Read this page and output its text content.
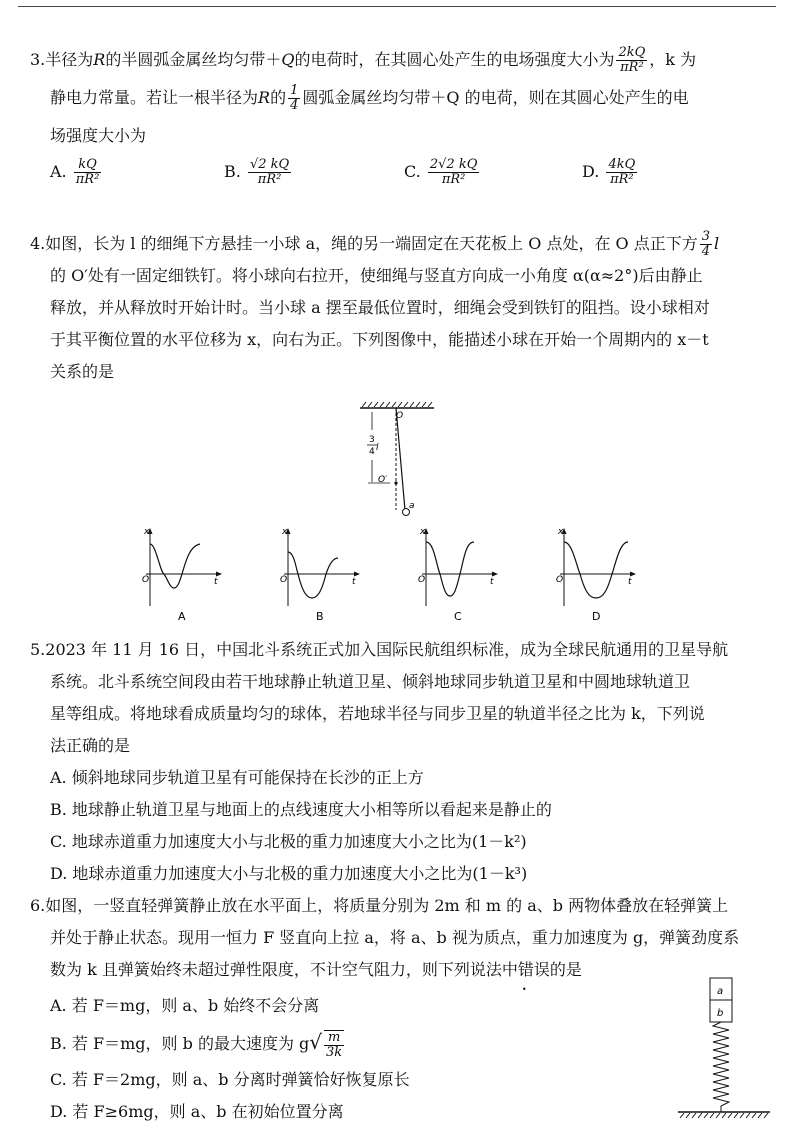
3.半径为R的半圆弧金属丝均匀带＋Q的电荷时，在其圆心处产生的电场强度大小为 $\frac{2kQ}{\text{πR²}}$ ，k 为
静电力常量。若让一根半径为R的 $\frac{1}{4}$ 圆弧金属丝均匀带＋Q 的电荷，则在其圆心处产生的电
场强度大小为
A. $\frac{kQ}{\text{πR²}}$	B. $\frac{√2 kQ}{\text{πR²}}$	C. $\frac{2√2 kQ}{\text{πR²}}$	D. $\frac{4kQ}{\text{πR²}}$
4.如图，长为 l 的细绳下方悬挂一小球 a，绳的另一端固定在天花板上 O 点处，在 O 点正下方 $\frac{3}{4}$ l
的 O′处有一固定细铁钉。将小球向右拉开，使细绳与竖直方向成一小角度 α(α≈2°)后由静止
释放，并从释放时开始计时。当小球 a 摆至最低位置时，细绳会受到铁钉的阻挡。设小球相对
于其平衡位置的水平位移为 x，向右为正。下列图像中，能描述小球在开始一个周期内的 x－t
关系的是
O
O′
3
4 l
a
x
O	t
A
x
O	t
B
x
O	t
C
x
O	t
D
5.2023 年 11 月 16 日，中国北斗系统正式加入国际民航组织标准，成为全球民航通用的卫星导航
系统。北斗系统空间段由若干地球静止轨道卫星、倾斜地球同步轨道卫星和中圆地球轨道卫
星等组成。将地球看成质量均匀的球体，若地球半径与同步卫星的轨道半径之比为 k，下列说
法正确的是
A. 倾斜地球同步轨道卫星有可能保持在长沙的正上方
B. 地球静止轨道卫星与地面上的点线速度大小相等所以看起来是静止的
C. 地球赤道重力加速度大小与北极的重力加速度大小之比为(1－k²)
D. 地球赤道重力加速度大小与北极的重力加速度大小之比为(1－k³)
6.如图，一竖直轻弹簧静止放在水平面上，将质量分别为 2m 和 m 的 a、b 两物体叠放在轻弹簧上
并处于静止状态。现用一恒力 F 竖直向上拉 a，将 a、b 视为质点，重力加速度为 g，弹簧劲度系
数为 k 且弹簧始终未超过弹性限度，不计空气阻力，则下列说法中错误的是
A. 若 F＝mg，则 a、b 始终不会分离
B. 若 F＝mg，则 b 的最大速度为 $g√ \frac{m}{3k}$
C. 若 F＝2mg，则 a、b 分离时弹簧恰好恢复原长
D. 若 F≥6mg，则 a、b 在初始位置分离
a
b
